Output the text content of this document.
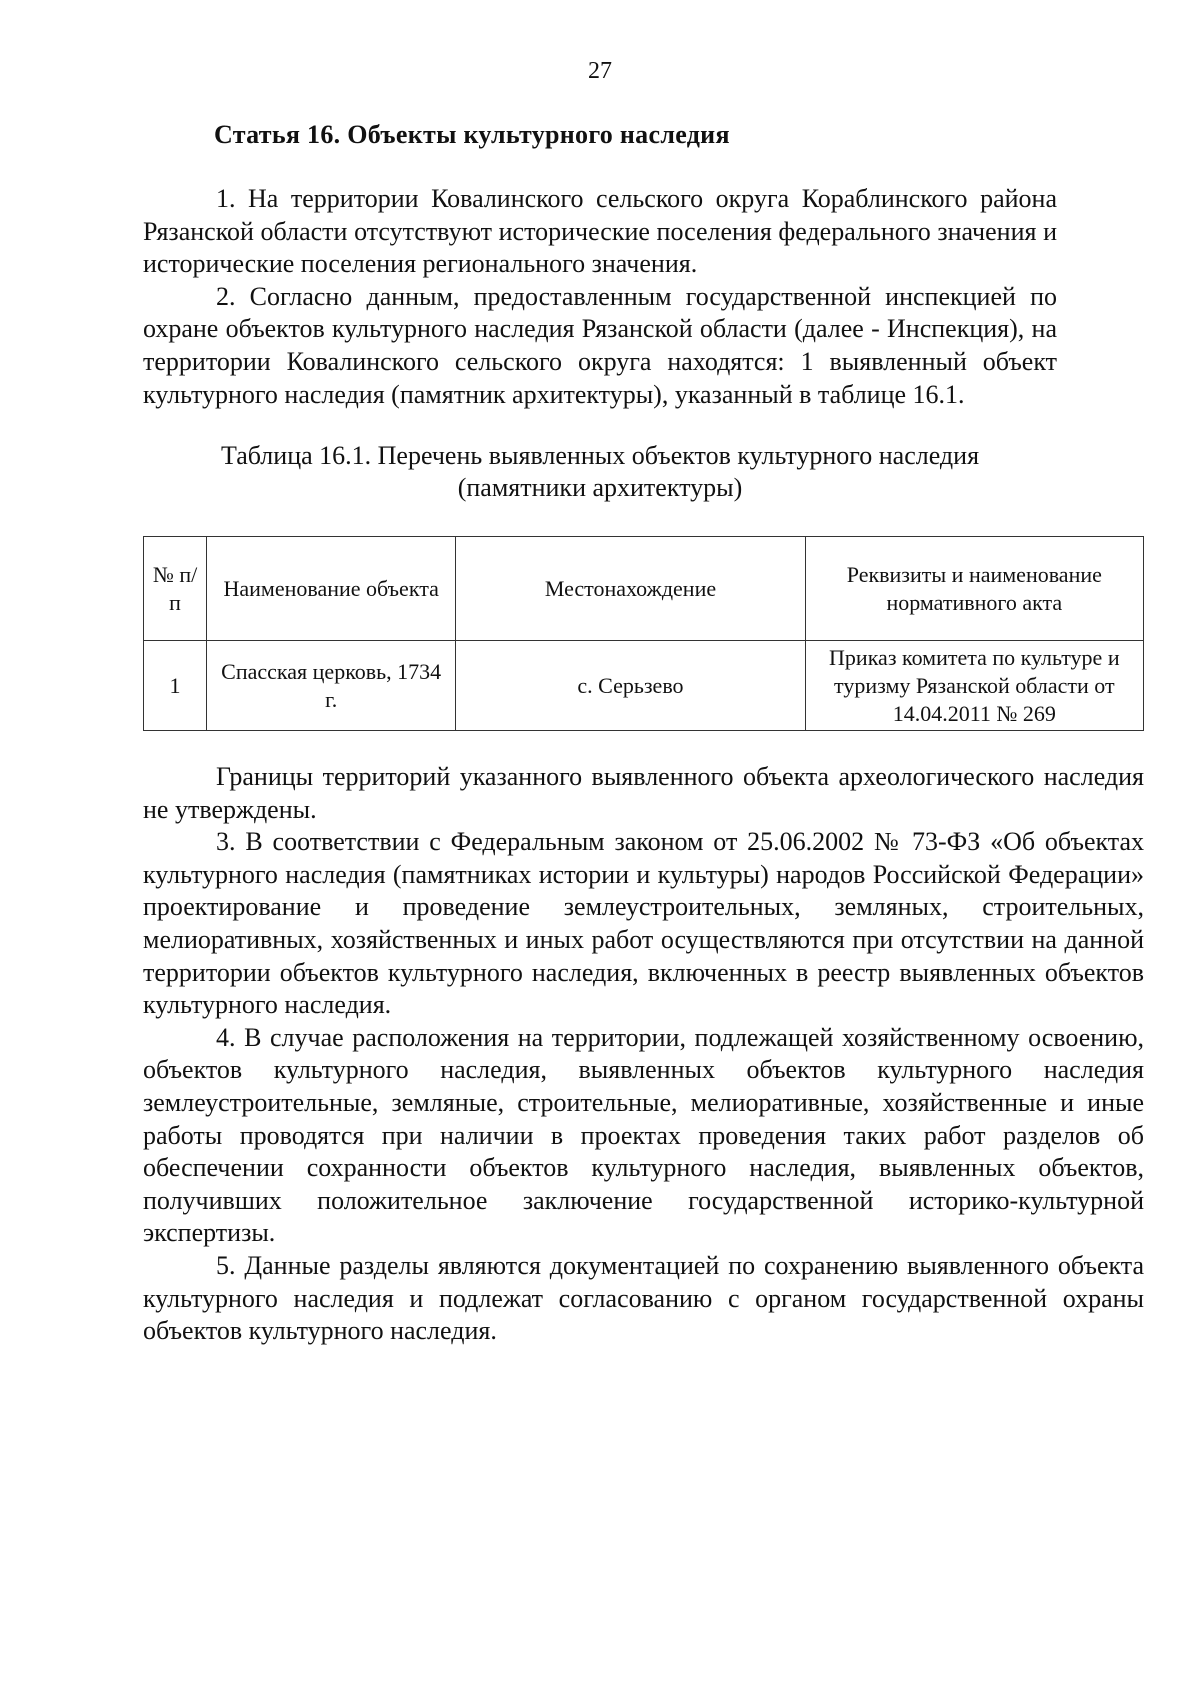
27
Статья 16. Объекты культурного наследия

1. На территории Ковалинского сельского округа Кораблинского района Рязанской области отсутствуют исторические поселения федерального значения и исторические поселения регионального значения.

2. Согласно данным, предоставленным государственной инспекцией по охране объектов культурного наследия Рязанской области (далее - Инспекция), на территории Ковалинского сельского округа находятся: 1 выявленный объект культурного наследия (памятник архитектуры), указанный в таблице 16.1.

Таблица 16.1. Перечень выявленных объектов культурного наследия
(памятники архитектуры)
№ п/п	Наименование объекта	Местонахождение	Реквизиты и наименование нормативного акта
1	Спасская церковь, 1734 г.	с. Серьзево	Приказ комитета по культуре и туризму Рязанской области от 14.04.2011 № 269

Границы территорий указанного выявленного объекта археологического наследия не утверждены.

3. В соответствии с Федеральным законом от 25.06.2002 № 73-ФЗ «Об объектах культурного наследия (памятниках истории и культуры) народов Российской Федерации» проектирование и проведение землеустроительных, земляных, строительных, мелиоративных, хозяйственных и иных работ осуществляются при отсутствии на данной территории объектов культурного наследия, включенных в реестр выявленных объектов культурного наследия.

4. В случае расположения на территории, подлежащей хозяйственному освоению, объектов культурного наследия, выявленных объектов культурного наследия землеустроительные, земляные, строительные, мелиоративные, хозяйственные и иные работы проводятся при наличии в проектах проведения таких работ разделов об обеспечении сохранности объектов культурного наследия, выявленных объектов, получивших положительное заключение государственной историко-культурной экспертизы.

5. Данные разделы являются документацией по сохранению выявленного объекта культурного наследия и подлежат согласованию с органом государственной охраны объектов культурного наследия.
